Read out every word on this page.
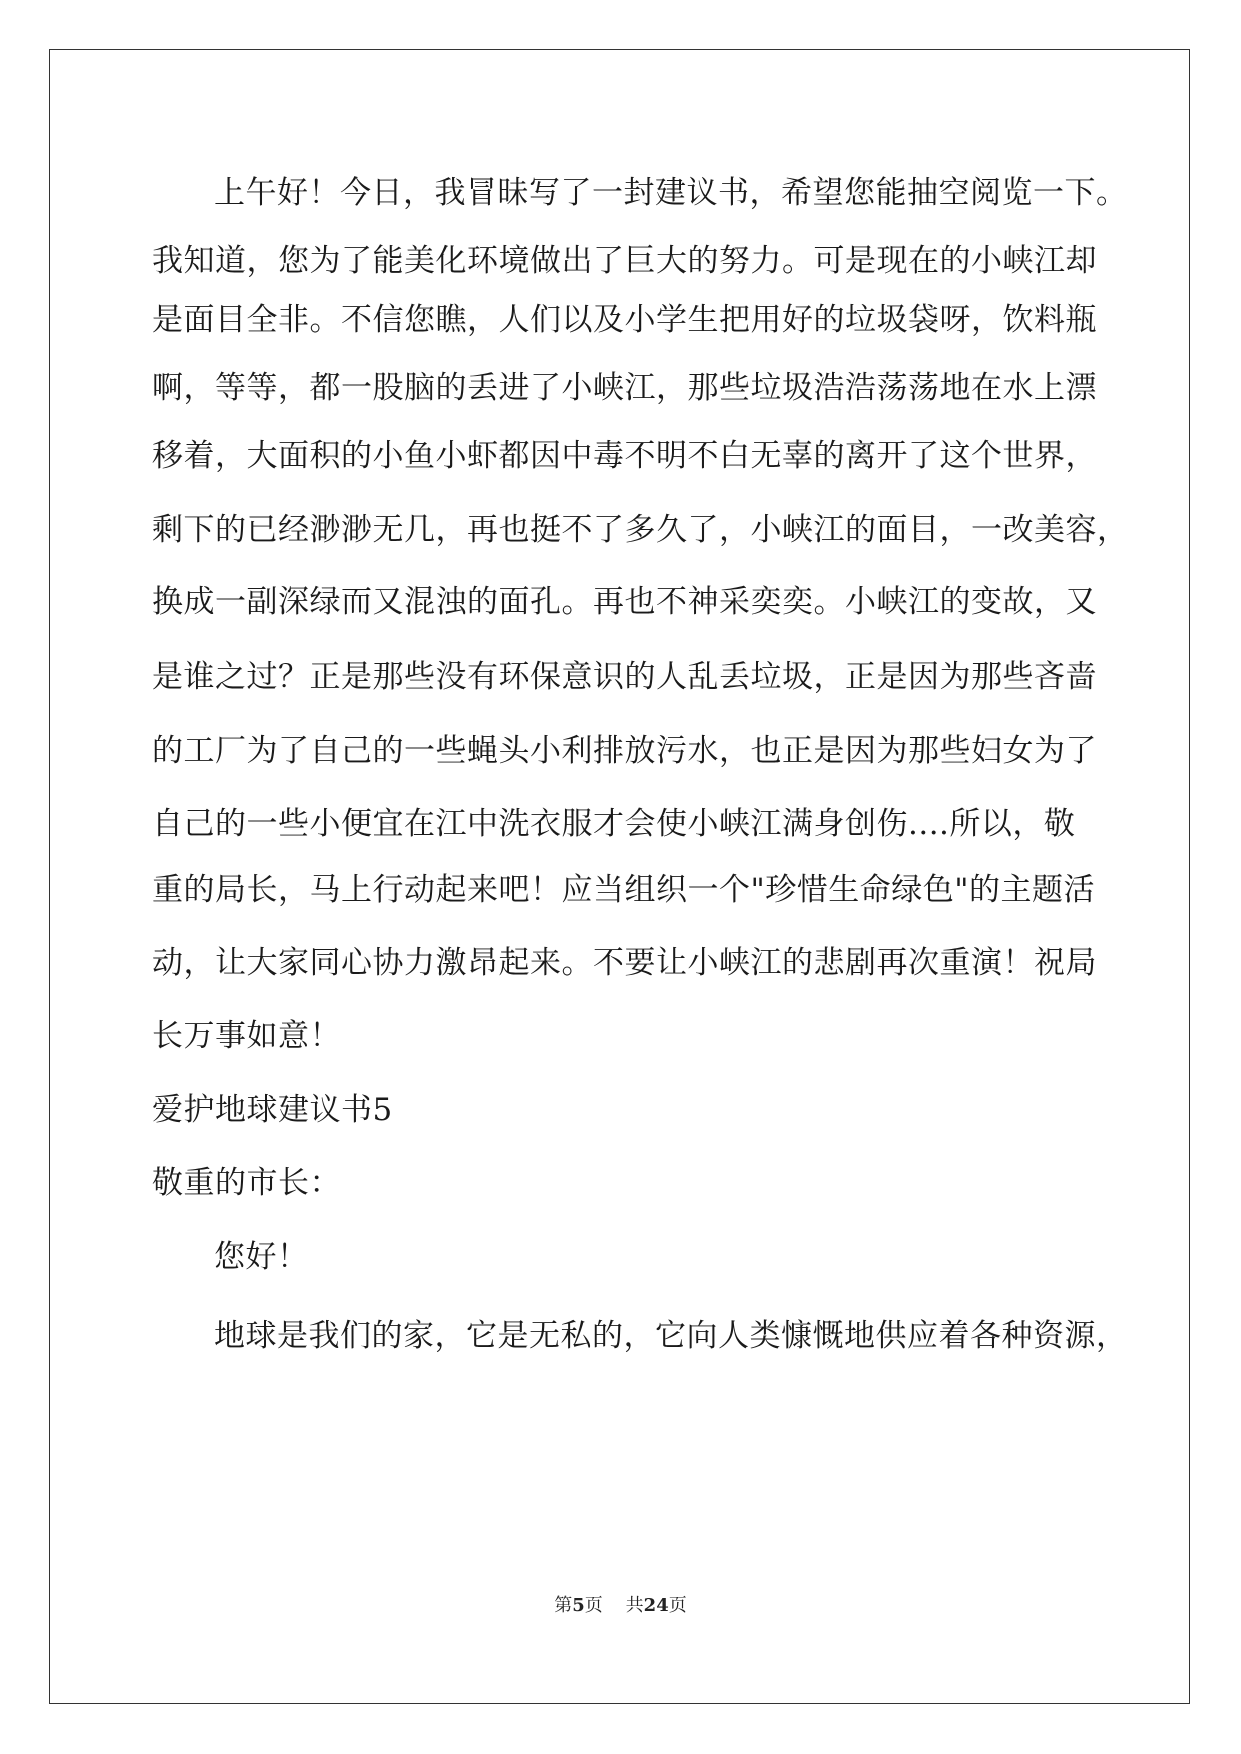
上午好！今日，我冒昧写了一封建议书，希望您能抽空阅览一下。
我知道，您为了能美化环境做出了巨大的努力。可是现在的小峡江却
是面目全非。不信您瞧，人们以及小学生把用好的垃圾袋呀，饮料瓶
啊，等等，都一股脑的丢进了小峡江，那些垃圾浩浩荡荡地在水上漂
移着，大面积的小鱼小虾都因中毒不明不白无辜的离开了这个世界，
剩下的已经渺渺无几，再也挺不了多久了，小峡江的面目，一改美容，
换成一副深绿而又混浊的面孔。再也不神采奕奕。小峡江的变故，又
是谁之过？正是那些没有环保意识的人乱丢垃圾，正是因为那些吝啬
的工厂为了自己的一些蝇头小利排放污水，也正是因为那些妇女为了
自己的一些小便宜在江中洗衣服才会使小峡江满身创伤....所以，敬
重的局长，马上行动起来吧！应当组织一个"珍惜生命绿色"的主题活
动，让大家同心协力激昂起来。不要让小峡江的悲剧再次重演！祝局
长万事如意！
爱护地球建议书5
敬重的市长：
您好！
地球是我们的家，它是无私的，它向人类慷慨地供应着各种资源，
第5页 共24页
